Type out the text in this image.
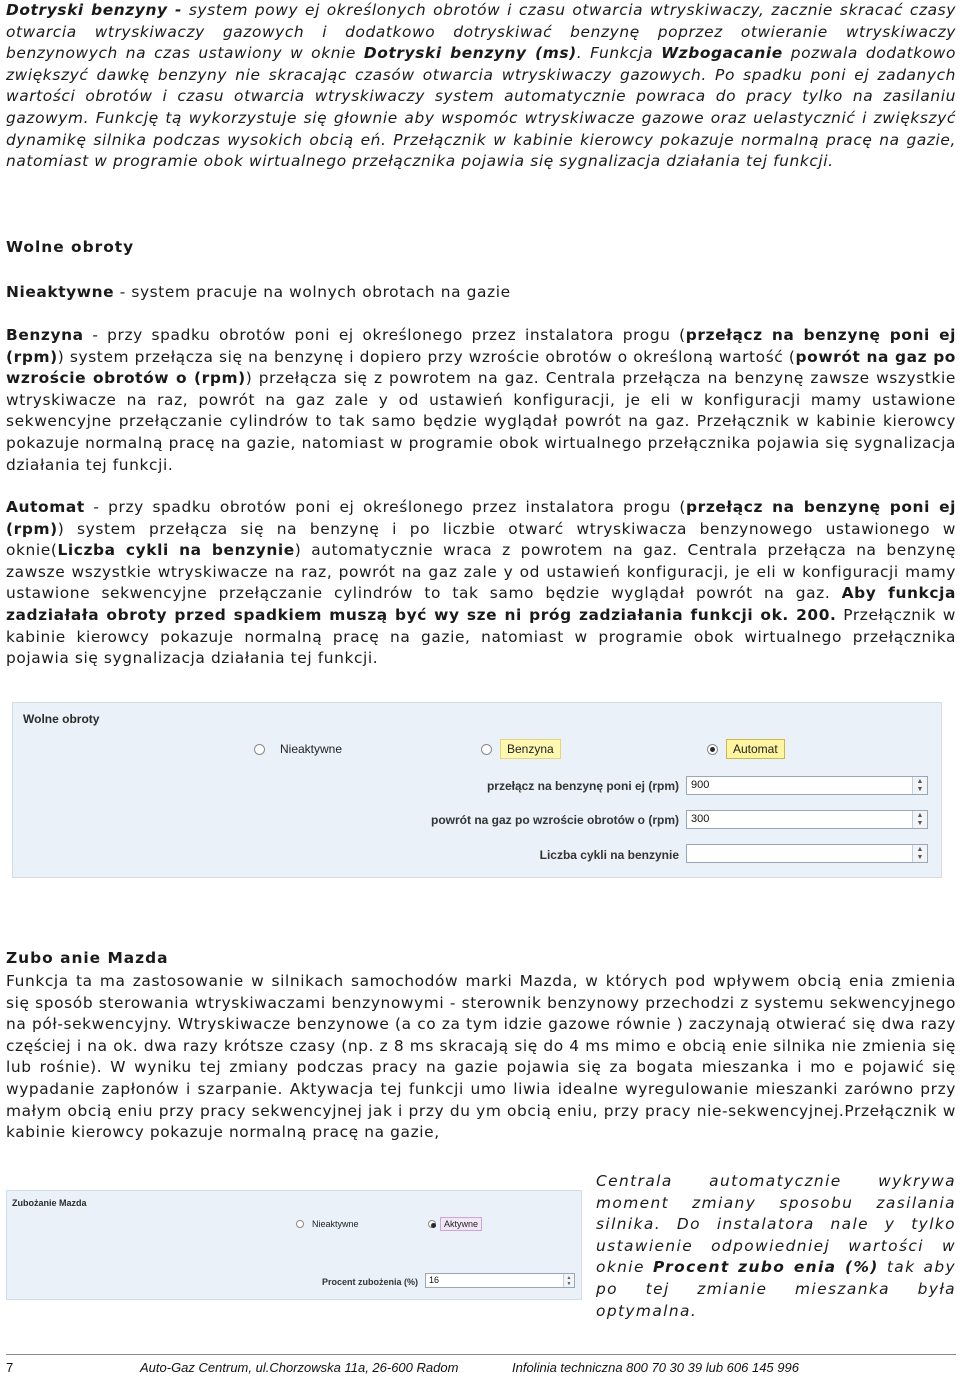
Dotryski benzyny - system powy ej określonych obrotów i czasu otwarcia wtryskiwaczy, zacznie skracać czasy otwarcia wtryskiwaczy gazowych i dodatkowo dotryskiwać benzynę poprzez otwieranie wtryskiwaczy benzynowych na czas ustawiony w oknie Dotryski benzyny (ms). Funkcja Wzbogacanie pozwala dodatkowo zwiększyć dawkę benzyny nie skracając czasów otwarcia wtryskiwaczy gazowych. Po spadku poni ej zadanych wartości obrotów i czasu otwarcia wtryskiwaczy system automatycznie powraca do pracy tylko na zasilaniu gazowym. Funkcję tą wykorzystuje się głownie aby wspomóc wtryskiwacze gazowe oraz uelastycznić i zwiększyć dynamikę silnika podczas wysokich obcią eń. Przełącznik w kabinie kierowcy pokazuje normalną pracę na gazie, natomiast w programie obok wirtualnego przełącznika pojawia się sygnalizacja działania tej funkcji.

Wolne obroty

Nieaktywne - system pracuje na wolnych obrotach na gazie

Benzyna - przy spadku obrotów poni ej określonego przez instalatora progu (przełącz na benzynę poni ej (rpm)) system przełącza się na benzynę i dopiero przy wzroście obrotów o określoną wartość (powrót na gaz po wzroście obrotów o (rpm)) przełącza się z powrotem na gaz. Centrala przełącza na benzynę zawsze wszystkie wtryskiwacze na raz, powrót na gaz zale y od ustawień konfiguracji, je eli w konfiguracji mamy ustawione sekwencyjne przełączanie cylindrów to tak samo będzie wyglądał powrót na gaz. Przełącznik w kabinie kierowcy pokazuje normalną pracę na gazie, natomiast w programie obok wirtualnego przełącznika pojawia się sygnalizacja działania tej funkcji.

Automat - przy spadku obrotów poni ej określonego przez instalatora progu (przełącz na benzynę poni ej (rpm)) system przełącza się na benzynę i po liczbie otwarć wtryskiwacza benzynowego ustawionego w oknie(Liczba cykli na benzynie) automatycznie wraca z powrotem na gaz. Centrala przełącza na benzynę zawsze wszystkie wtryskiwacze na raz, powrót na gaz zale y od ustawień konfiguracji, je eli w konfiguracji mamy ustawione sekwencyjne przełączanie cylindrów to tak samo będzie wyglądał powrót na gaz. Aby funkcja zadziałała obroty przed spadkiem muszą być wy sze ni próg zadziałania funkcji ok. 200. Przełącznik w kabinie kierowcy pokazuje normalną pracę na gazie, natomiast w programie obok wirtualnego przełącznika pojawia się sygnalizacja działania tej funkcji.

Wolne obroty
Nieaktywne	Benzyna	Automat
przełącz na benzynę poni ej (rpm)	900	▲
▼
powrót na gaz po wzroście obrotów o (rpm)	300	▲
▼
Liczba cykli na benzynie	▲
▼

Zubo anie Mazda

Funkcja ta ma zastosowanie w silnikach samochodów marki Mazda, w których pod wpływem obcią enia zmienia się sposób sterowania wtryskiwaczami benzynowymi - sterownik benzynowy przechodzi z systemu sekwencyjnego na pół-sekwencyjny. Wtryskiwacze benzynowe (a co za tym idzie gazowe równie ) zaczynają otwierać się dwa razy częściej i na ok. dwa razy krótsze czasy (np. z 8 ms skracają się do 4 ms mimo e obcią enie silnika nie zmienia się lub rośnie). W wyniku tej zmiany podczas pracy na gazie pojawia się za bogata mieszanka i mo e pojawić się wypadanie zapłonów i szarpanie. Aktywacja tej funkcji umo liwia idealne wyregulowanie mieszanki zarówno przy małym obcią eniu przy pracy sekwencyjnej jak i przy du ym obcią eniu, przy pracy nie-sekwencyjnej.Przełącznik w kabinie kierowcy pokazuje normalną pracę na gazie,

Zubożanie Mazda
Nieaktywne	Aktywne
Procent zubożenia (%)	16	▲
▼

Centrala automatycznie wykrywa moment zmiany sposobu zasilania silnika. Do instalatora nale y tylko ustawienie odpowiedniej wartości w oknie Procent zubo enia (%) tak aby po tej zmianie mieszanka była optymalna.

7	Auto-Gaz Centrum, ul.Chorzowska 11a, 26-600 Radom	Infolinia techniczna 800 70 30 39 lub 606 145 996
